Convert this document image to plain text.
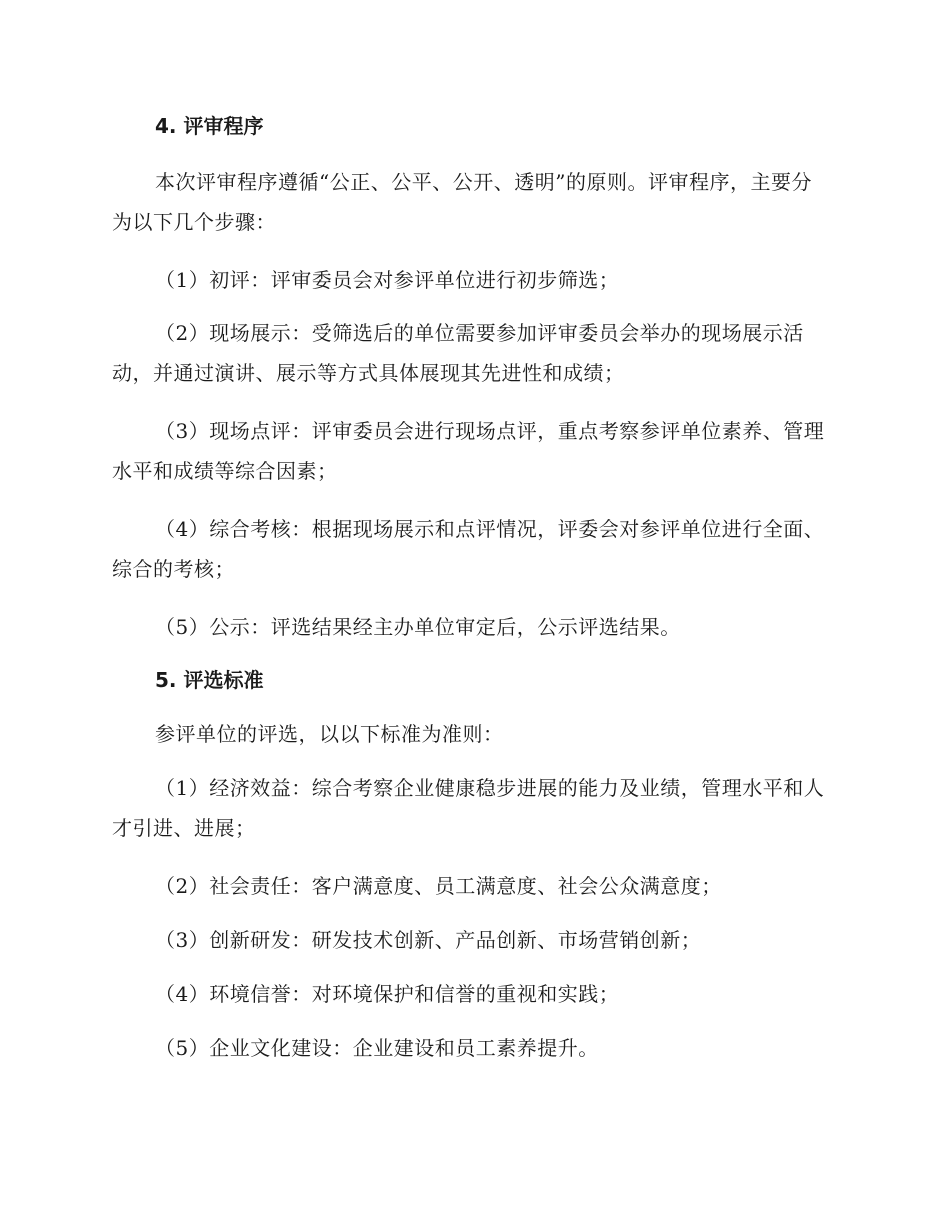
4. 评审程序

本次评审程序遵循“公正、公平、公开、透明”的原则。评审程序，主要分为以下几个步骤：

（1）初评：评审委员会对参评单位进行初步筛选；

（2）现场展示：受筛选后的单位需要参加评审委员会举办的现场展示活动，并通过演讲、展示等方式具体展现其先进性和成绩；

（3）现场点评：评审委员会进行现场点评，重点考察参评单位素养、管理水平和成绩等综合因素；

（4）综合考核：根据现场展示和点评情况，评委会对参评单位进行全面、综合的考核；

（5）公示：评选结果经主办单位审定后，公示评选结果。

5. 评选标准

参评单位的评选，以以下标准为准则：

（1）经济效益：综合考察企业健康稳步进展的能力及业绩，管理水平和人才引进、进展；

（2）社会责任：客户满意度、员工满意度、社会公众满意度；

（3）创新研发：研发技术创新、产品创新、市场营销创新；

（4）环境信誉：对环境保护和信誉的重视和实践；

（5）企业文化建设：企业建设和员工素养提升。
